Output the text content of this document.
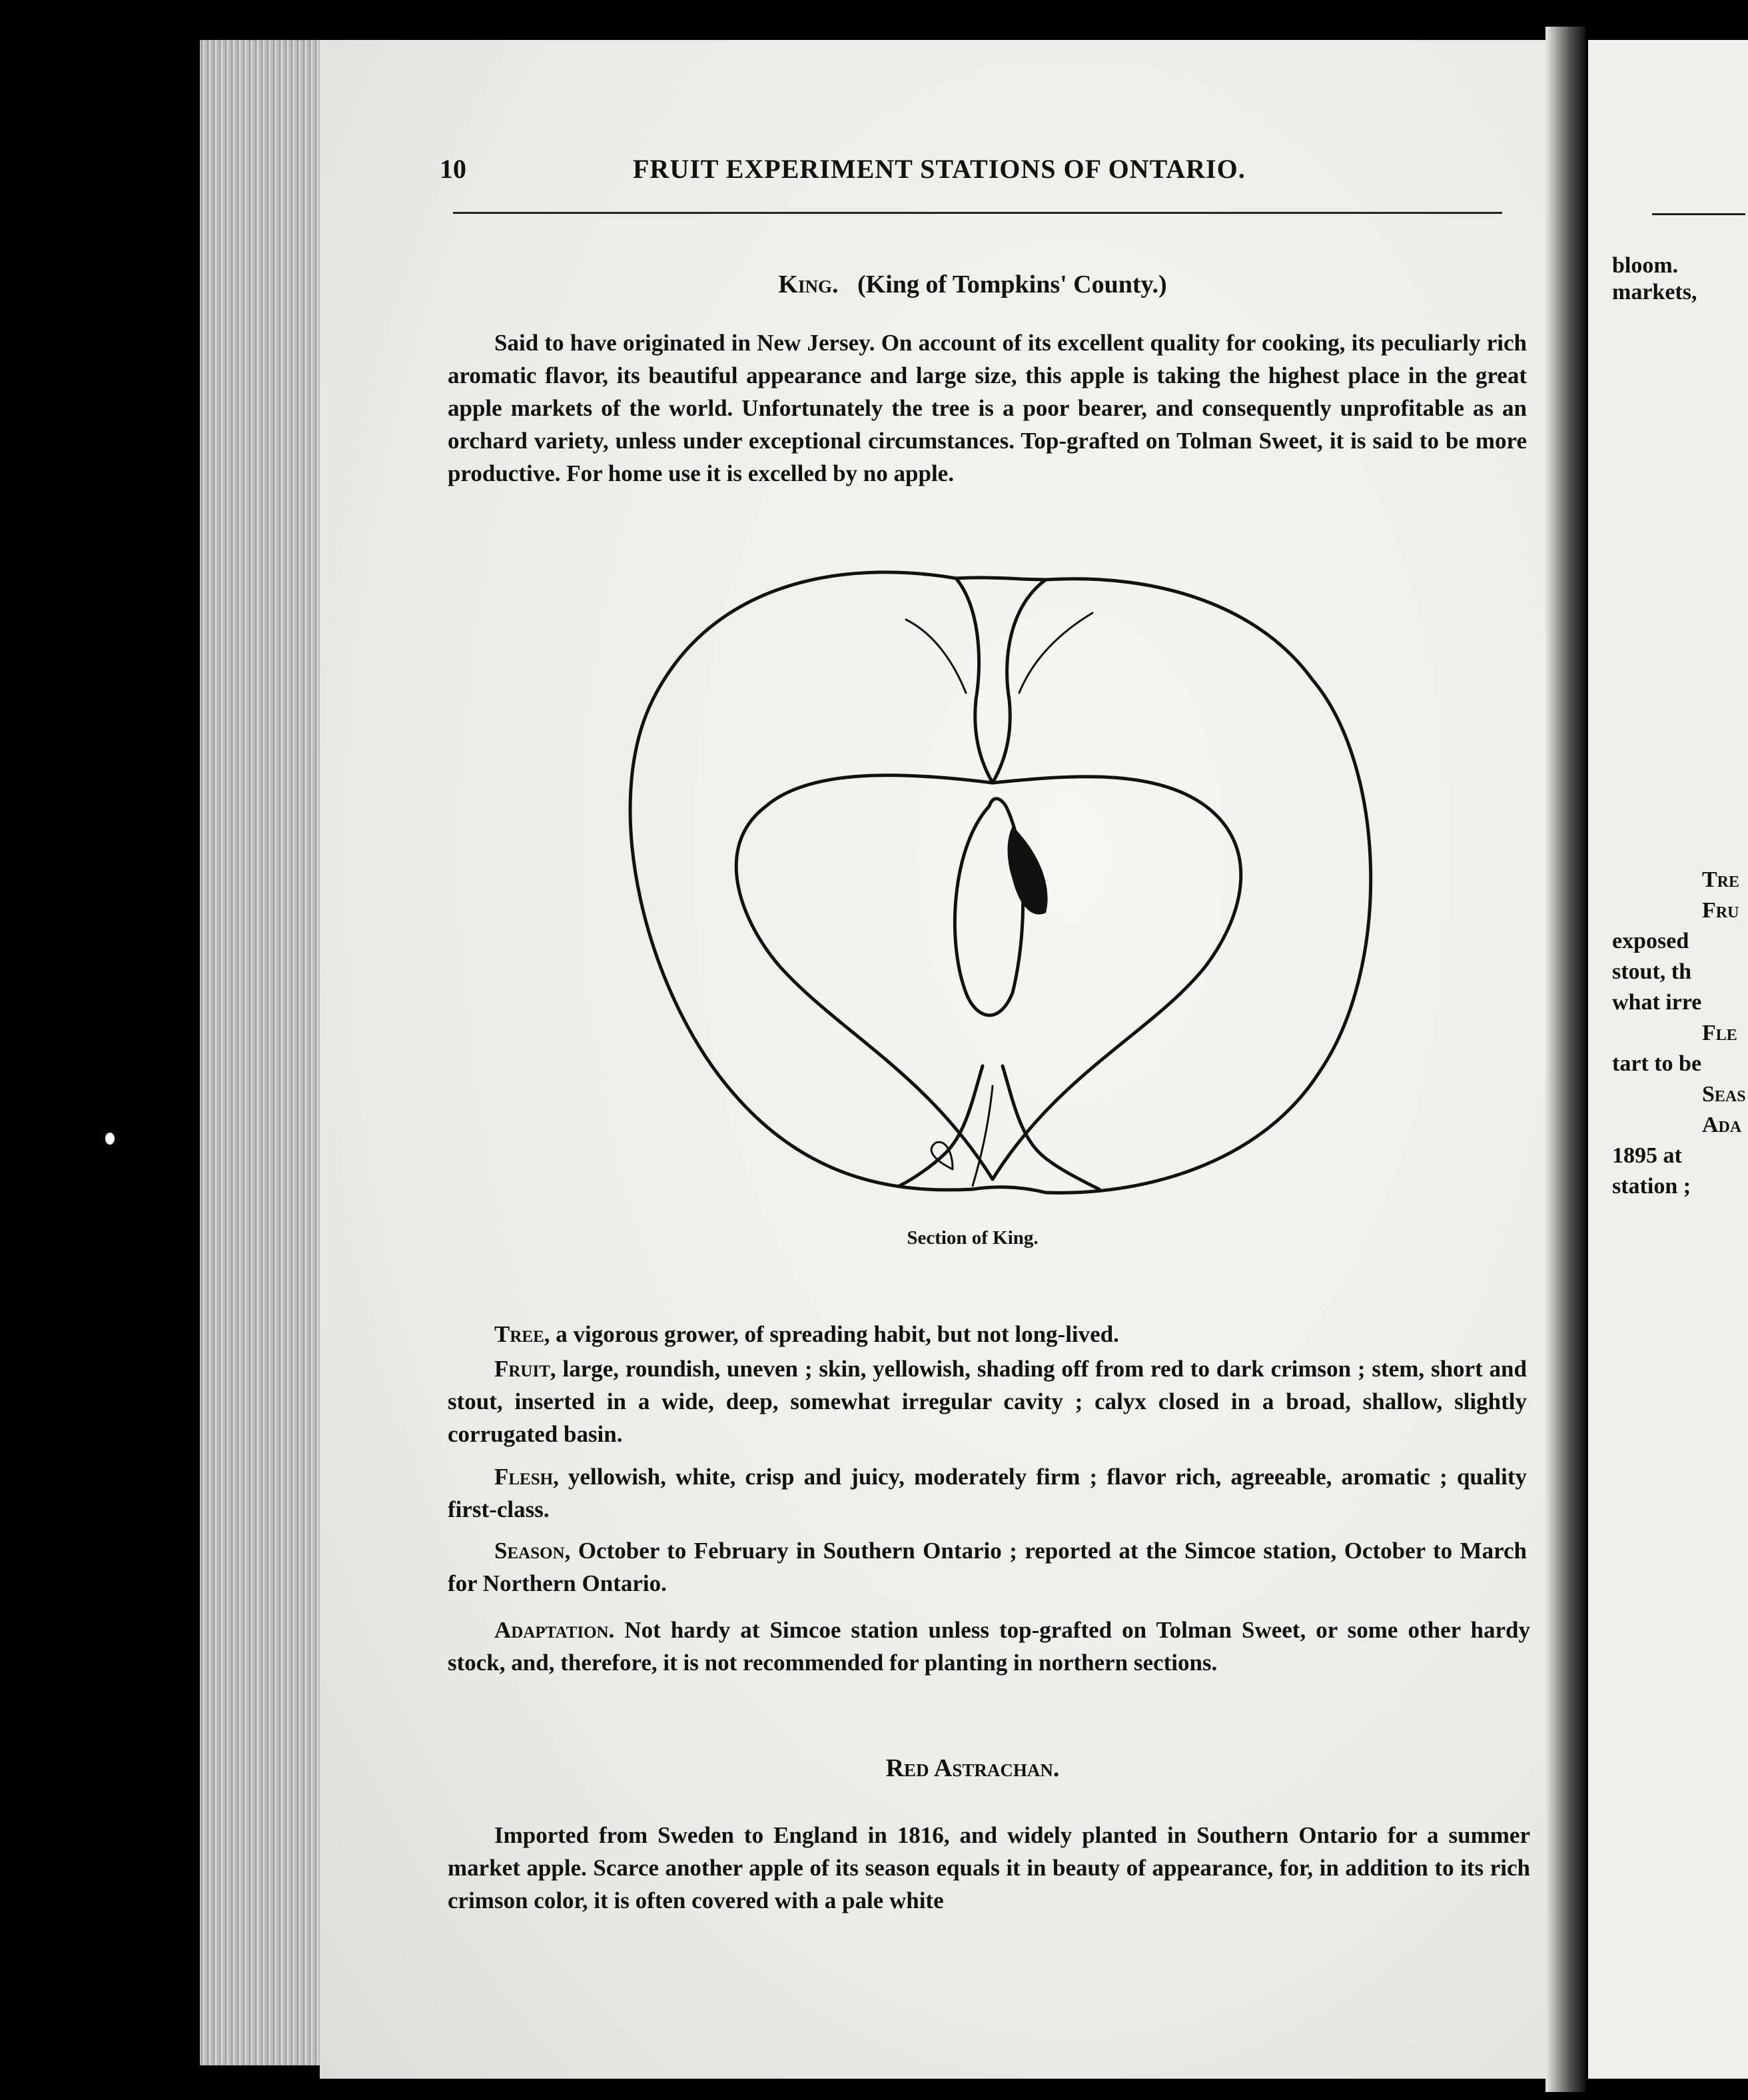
10	FRUIT EXPERIMENT STATIONS OF ONTARIO.
King. (King of Tompkins' County.)
Said to have originated in New Jersey. On account of its excellent quality for cooking, its peculiarly rich aromatic flavor, its beautiful appearance and large size, this apple is taking the highest place in the great apple markets of the world. Unfortunately the tree is a poor bearer, and consequently unprofitable as an orchard variety, unless under exceptional circumstances. Top-grafted on Tolman Sweet, it is said to be more productive. For home use it is excelled by no apple.
Section of King.
Tree, a vigorous grower, of spreading habit, but not long-lived.
Fruit, large, roundish, uneven ; skin, yellowish, shading off from red to dark crimson ; stem, short and stout, inserted in a wide, deep, somewhat irregular cavity ; calyx closed in a broad, shallow, slightly corrugated basin.
Flesh, yellowish, white, crisp and juicy, moderately firm ; flavor rich, agreeable, aromatic ; quality first-class.
Season, October to February in Southern Ontario ; reported at the Simcoe station, October to March for Northern Ontario.
Adaptation. Not hardy at Simcoe station unless top-grafted on Tolman Sweet, or some other hardy stock, and, therefore, it is not recommended for planting in northern sections.
Red Astrachan.
Imported from Sweden to England in 1816, and widely planted in Southern Ontario for a summer market apple. Scarce another apple of its season equals it in beauty of appearance, for, in addition to its rich crimson color, it is often covered with a pale white
bloom.
markets,
Tre
Fru
exposed
stout, th
what irre
Fle
tart to be
Seas
Ada
1895 at
station ;
